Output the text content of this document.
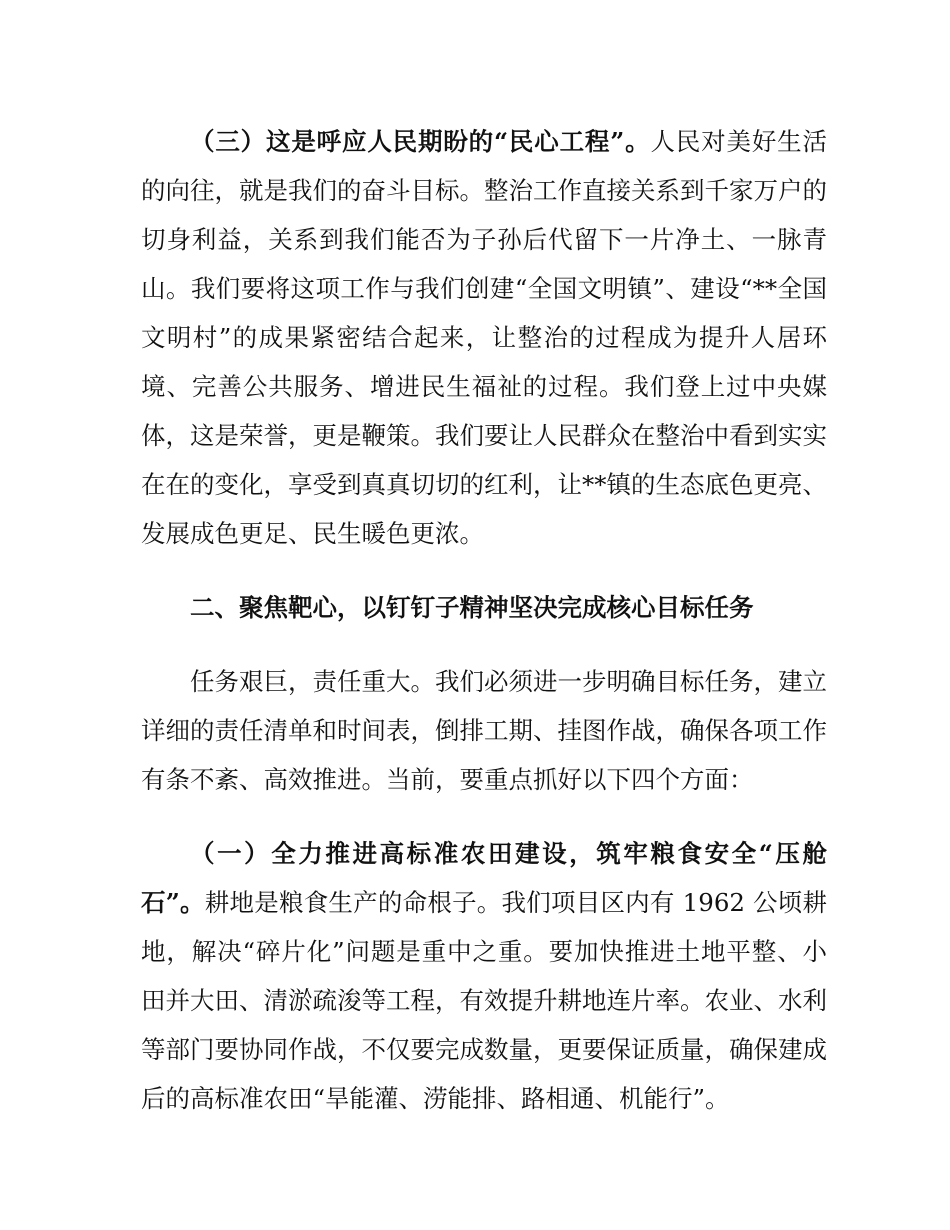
（三）这是呼应人民期盼的“民心工程”。人民对美好生活的向往，就是我们的奋斗目标。整治工作直接关系到千家万户的切身利益，关系到我们能否为子孙后代留下一片净土、一脉青山。我们要将这项工作与我们创建“全国文明镇”、建设“**全国文明村”的成果紧密结合起来，让整治的过程成为提升人居环境、完善公共服务、增进民生福祉的过程。我们登上过中央媒体，这是荣誉，更是鞭策。我们要让人民群众在整治中看到实实在在的变化，享受到真真切切的红利，让**镇的生态底色更亮、发展成色更足、民生暖色更浓。

二、聚焦靶心，以钉钉子精神坚决完成核心目标任务

任务艰巨，责任重大。我们必须进一步明确目标任务，建立详细的责任清单和时间表，倒排工期、挂图作战，确保各项工作有条不紊、高效推进。当前，要重点抓好以下四个方面：

（一）全力推进高标准农田建设，筑牢粮食安全“压舱石”。耕地是粮食生产的命根子。我们项目区内有 1962 公顷耕地，解决“碎片化”问题是重中之重。要加快推进土地平整、小田并大田、清淤疏浚等工程，有效提升耕地连片率。农业、水利等部门要协同作战，不仅要完成数量，更要保证质量，确保建成后的高标准农田“旱能灌、涝能排、路相通、机能行”。
